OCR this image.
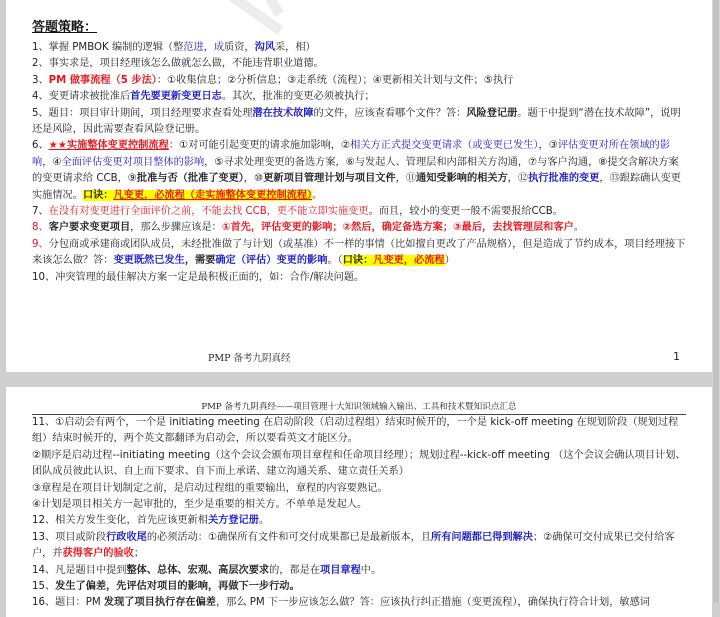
答题策略：

1、掌握 PMBOK 编制的逻辑（整范进，成质资，沟风采，相）

2、事实求是，项目经理该怎么做就怎么做，不能违背职业道德。

3、PM 做事流程（5 步法）：①收集信息；②分析信息；③走系统（流程）；④更新相关计划与文件；⑤执行

4、变更请求被批准后首先要更新变更日志。其次，批准的变更必须被执行；

5、题目：项目审计期间，项目经理要求查看处理潜在技术故障的文件，应该查看哪个文件？答：风险登记册。题干中提到“潜在技术故障”，说明还是风险，因此需要查看风险登记册。

6、★★实施整体变更控制流程：①对可能引起变更的请求施加影响，②相关方正式提交变更请求（或变更已发生），③评估变更对所在领域的影响，④全面评估变更对项目整体的影响，⑤寻求处理变更的备选方案，⑥与发起人、管理层和内部相关方沟通，⑦与客户沟通，⑧提交含解决方案的变更请求给 CCB，⑨批准与否（批准了变更），⑩更新项目管理计划与项目文件，⑪通知受影响的相关方，⑫执行批准的变更，⑬跟踪确认变更实施情况。口诀：凡变更，必流程（走实施整体变更控制流程）。

7、在没有对变更进行全面评价之前，不能去找 CCB，更不能立即实施变更。而且，较小的变更一般不需要报给CCB。

8、客户要求变更项目，那么步骤应该是：①首先，评估变更的影响；②然后，确定备选方案；③最后，去找管理层和客户。

9、分包商或承建商或团队成员，未经批准做了与计划（或基准）不一样的事情（比如擅自更改了产品规格），但是造成了节约成本，项目经理接下来该怎么做？答：变更既然已发生，需要确定（评估）变更的影响。（口诀：凡变更，必流程）

10、冲突管理的最佳解决方案一定是最积极正面的，如：合作/解决问题。

PMP 备考九阴真经	1
PMP 备考九阴真经——项目管理十大知识领域输入输出、工具和技术暨知识点汇总

11、①启动会有两个，一个是 initiating meeting 在启动阶段（启动过程组）结束时候开的，一个是 kick-off meeting 在规划阶段（规划过程组）结束时候开的，两个英文都翻译为启动会，所以要看英文才能区分。

②顺序是启动过程--initiating meeting（这个会议会颁布项目章程和任命项目经理）；规划过程--kick-off meeting （这个会议会确认项目计划、团队成员彼此认识、自上而下要求、自下而上承诺、建立沟通关系、建立责任关系）

③章程是在项目计划制定之前，是启动过程组的重要输出，章程的内容要熟记。

④计划是项目相关方一起审批的，至少是重要的相关方。不单单是发起人。

12、相关方发生变化，首先应该更新相关方登记册。

13、项目或阶段行政收尾的必须活动：①确保所有文件和可交付成果都已是最新版本，且所有问题都已得到解决；②确保可交付成果已交付给客户，并获得客户的验收；

14、凡是题目中提到整体、总体、宏观、高层次要求的，都是在项目章程中。

15、发生了偏差，先评估对项目的影响，再做下一步行动。

16、题目：PM 发现了项目执行存在偏差，那么 PM 下一步应该怎么做？答：应该执行纠正措施（变更流程），确保执行符合计划，敏感词
